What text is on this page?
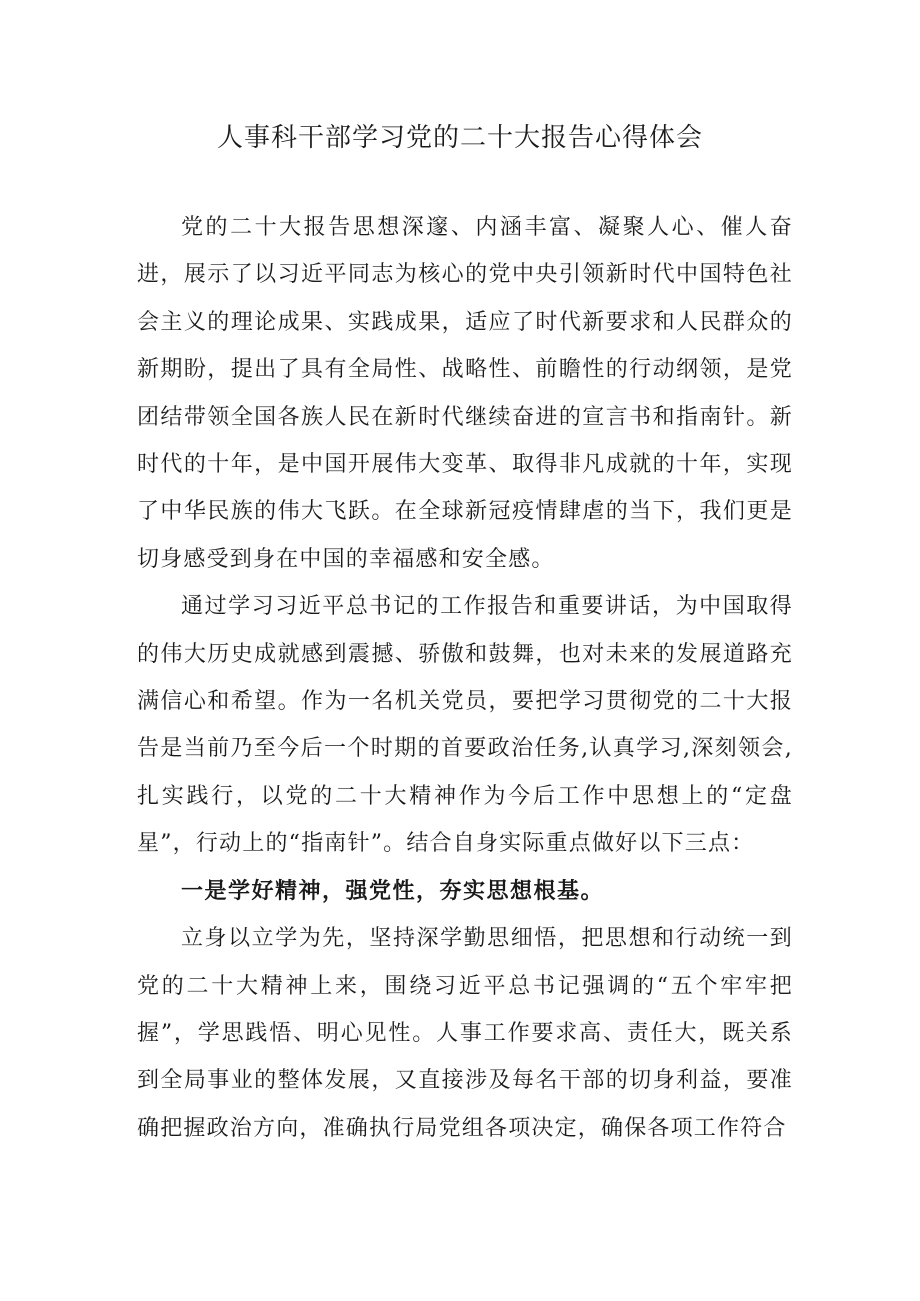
人事科干部学习党的二十大报告心得体会

党的二十大报告思想深邃、内涵丰富、凝聚人心、催人奋进，展示了以习近平同志为核心的党中央引领新时代中国特色社会主义的理论成果、实践成果，适应了时代新要求和人民群众的新期盼，提出了具有全局性、战略性、前瞻性的行动纲领，是党团结带领全国各族人民在新时代继续奋进的宣言书和指南针。新时代的十年，是中国开展伟大变革、取得非凡成就的十年，实现了中华民族的伟大飞跃。在全球新冠疫情肆虐的当下，我们更是切身感受到身在中国的幸福感和安全感。

通过学习习近平总书记的工作报告和重要讲话，为中国取得的伟大历史成就感到震撼、骄傲和鼓舞，也对未来的发展道路充满信心和希望。作为一名机关党员，要把学习贯彻党的二十大报告是当前乃至今后一个时期的首要政治任务,认真学习,深刻领会,扎实践行，以党的二十大精神作为今后工作中思想上的“定盘星”，行动上的“指南针”。结合自身实际重点做好以下三点：

一是学好精神，强党性，夯实思想根基。

立身以立学为先，坚持深学勤思细悟，把思想和行动统一到党的二十大精神上来，围绕习近平总书记强调的“五个牢牢把握”，学思践悟、明心见性。人事工作要求高、责任大，既关系到全局事业的整体发展，又直接涉及每名干部的切身利益，要准确把握政治方向，准确执行局党组各项决定，确保各项工作符合
